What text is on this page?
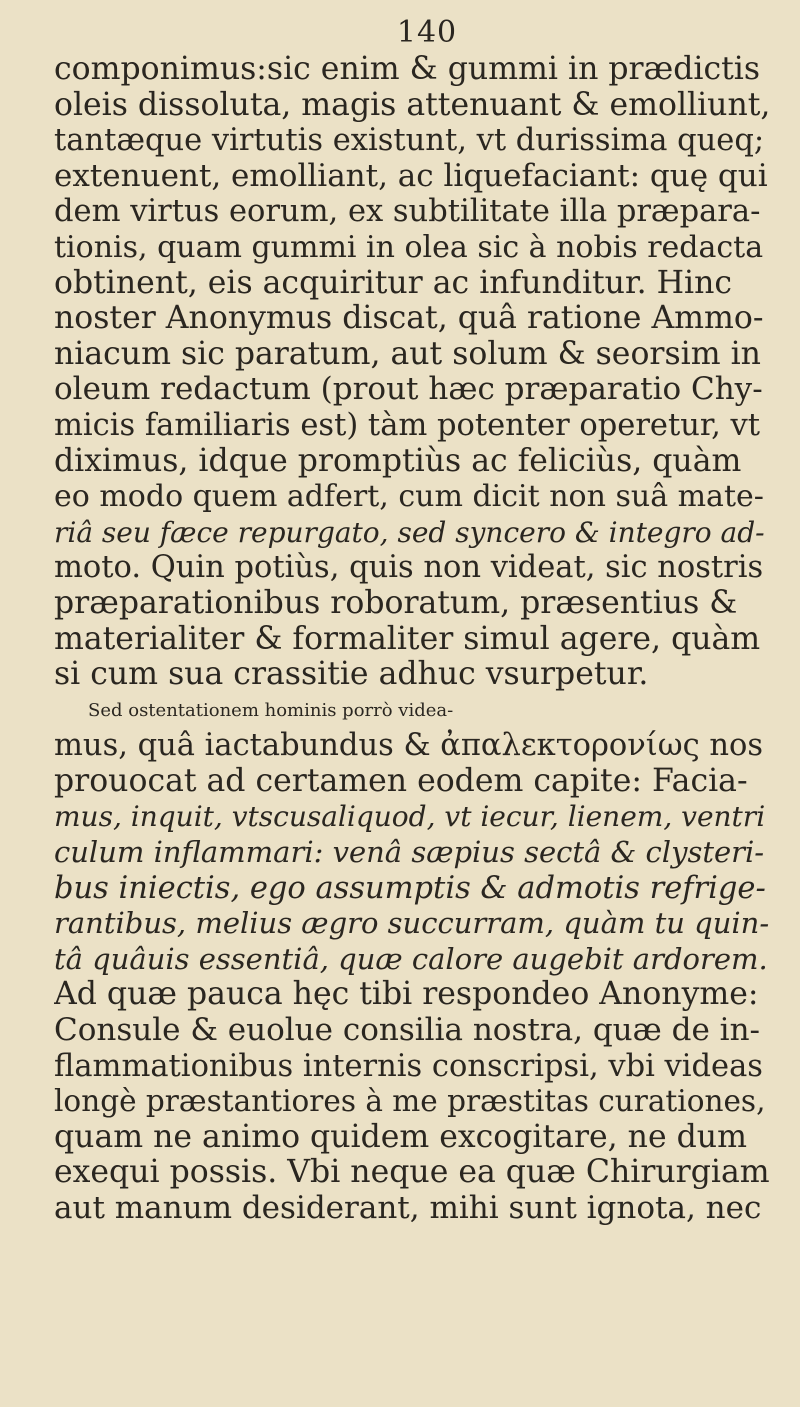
140
componimus:sic enim & gummi in prædictis
oleis dissoluta, magis attenuant & emolliunt,
tantæque virtutis existunt, vt durissima queq;
extenuent, emolliant, ac liquefaciant: quę qui
dem virtus eorum, ex subtilitate illa præpara-
tionis, quam gummi in olea sic à nobis redacta
obtinent, eis acquiritur ac infunditur. Hinc
noster Anonymus discat, quâ ratione Ammo-
niacum sic paratum, aut solum & seorsim in
oleum redactum (prout hæc præparatio Chy-
micis familiaris est) tàm potenter operetur, vt
diximus, idque promptiùs ac feliciùs, quàm
eo modo quem adfert, cum dicit non suâ mate-
riâ seu fæce repurgato, sed syncero & integro ad-
moto. Quin potiùs, quis non videat, sic nostris
præparationibus roboratum, præsentius &
materialiter & formaliter simul agere, quàm
si cum sua crassitie adhuc vsurpetur.
Sed ostentationem hominis porrò videa-
mus, quâ iactabundus & ἀπαλεκτορονίως nos
prouocat ad certamen eodem capite: Facia-
mus, inquit, vtscusaliquod, vt iecur, lienem, ventri
culum inflammari: venâ sæpius sectâ & clysteri-
bus iniectis, ego assumptis & admotis refrige-
rantibus, melius ægro succurram, quàm tu quin-
tâ quâuis essentiâ, quæ calore augebit ardorem.
Ad quæ pauca hęc tibi respondeo Anonyme:
Consule & euolue consilia nostra, quæ de in-
flammationibus internis conscripsi, vbi videas
longè præstantiores à me præstitas curationes,
quam ne animo quidem excogitare, ne dum
exequi possis. Vbi neque ea quæ Chirurgiam
aut manum desiderant, mihi sunt ignota, nec
